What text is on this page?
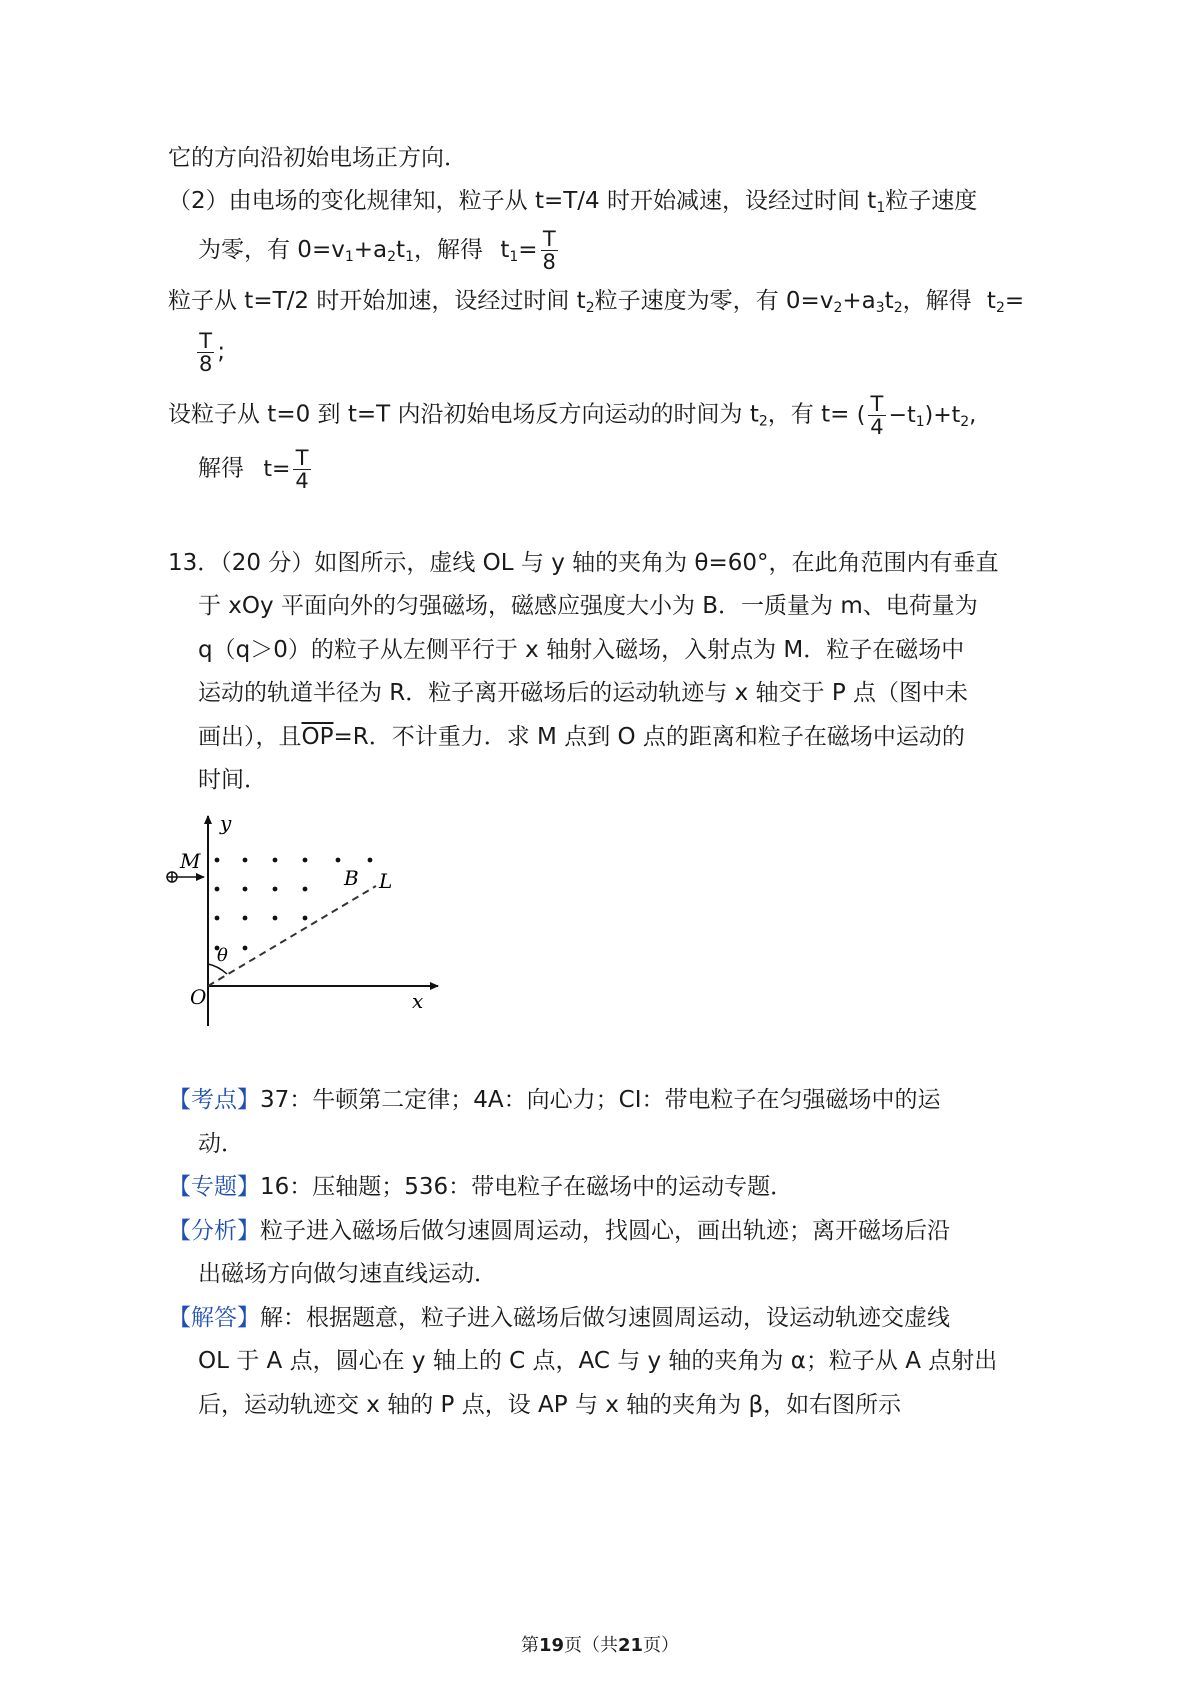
它的方向沿初始电场正方向．
（2）由电场的变化规律知，粒子从 t=T/4 时开始减速，设经过时间 $t_1$粒子速度
为零，有 $0=v_1+a_2t_1$，解得 $t_1= \frac{T}{8}$
粒子从 t=T/2 时开始加速，设经过时间 $t_2$粒子速度为零，有 $0=v_2+a_3t_2$，解得 $t_2=$
$\frac{T}{8}$ ;
设粒子从 t=0 到 t=T 内沿初始电场反方向运动的时间为 $t_2$，有 t= ( $\frac{T}{4} -t_1)+t_2$,
解得 $t= \frac{T}{4}$
13．（20 分）如图所示，虚线 OL 与 y 轴的夹角为 θ=60°，在此角范围内有垂直
于 xOy 平面向外的匀强磁场，磁感应强度大小为 B．一质量为 m、电荷量为
q（q＞0）的粒子从左侧平行于 x 轴射入磁场，入射点为 M．粒子在磁场中
运动的轨道半径为 R．粒子离开磁场后的运动轨迹与 x 轴交于 P 点（图中未
画出），且$\overline{OP}=R$．不计重力．求 M 点到 O 点的距离和粒子在磁场中运动的
时间．
y
M
B L
θ
O	x
【考点】37：牛顿第二定律；4A：向心力；CI：带电粒子在匀强磁场中的运
动．
【专题】16：压轴题；536：带电粒子在磁场中的运动专题．
【分析】粒子进入磁场后做匀速圆周运动，找圆心，画出轨迹；离开磁场后沿
出磁场方向做匀速直线运动．
【解答】解：根据题意，粒子进入磁场后做匀速圆周运动，设运动轨迹交虚线
OL 于 A 点，圆心在 y 轴上的 C 点，AC 与 y 轴的夹角为 α；粒子从 A 点射出
后，运动轨迹交 x 轴的 P 点，设 AP 与 x 轴的夹角为 β，如右图所示
第19页（共21页）
